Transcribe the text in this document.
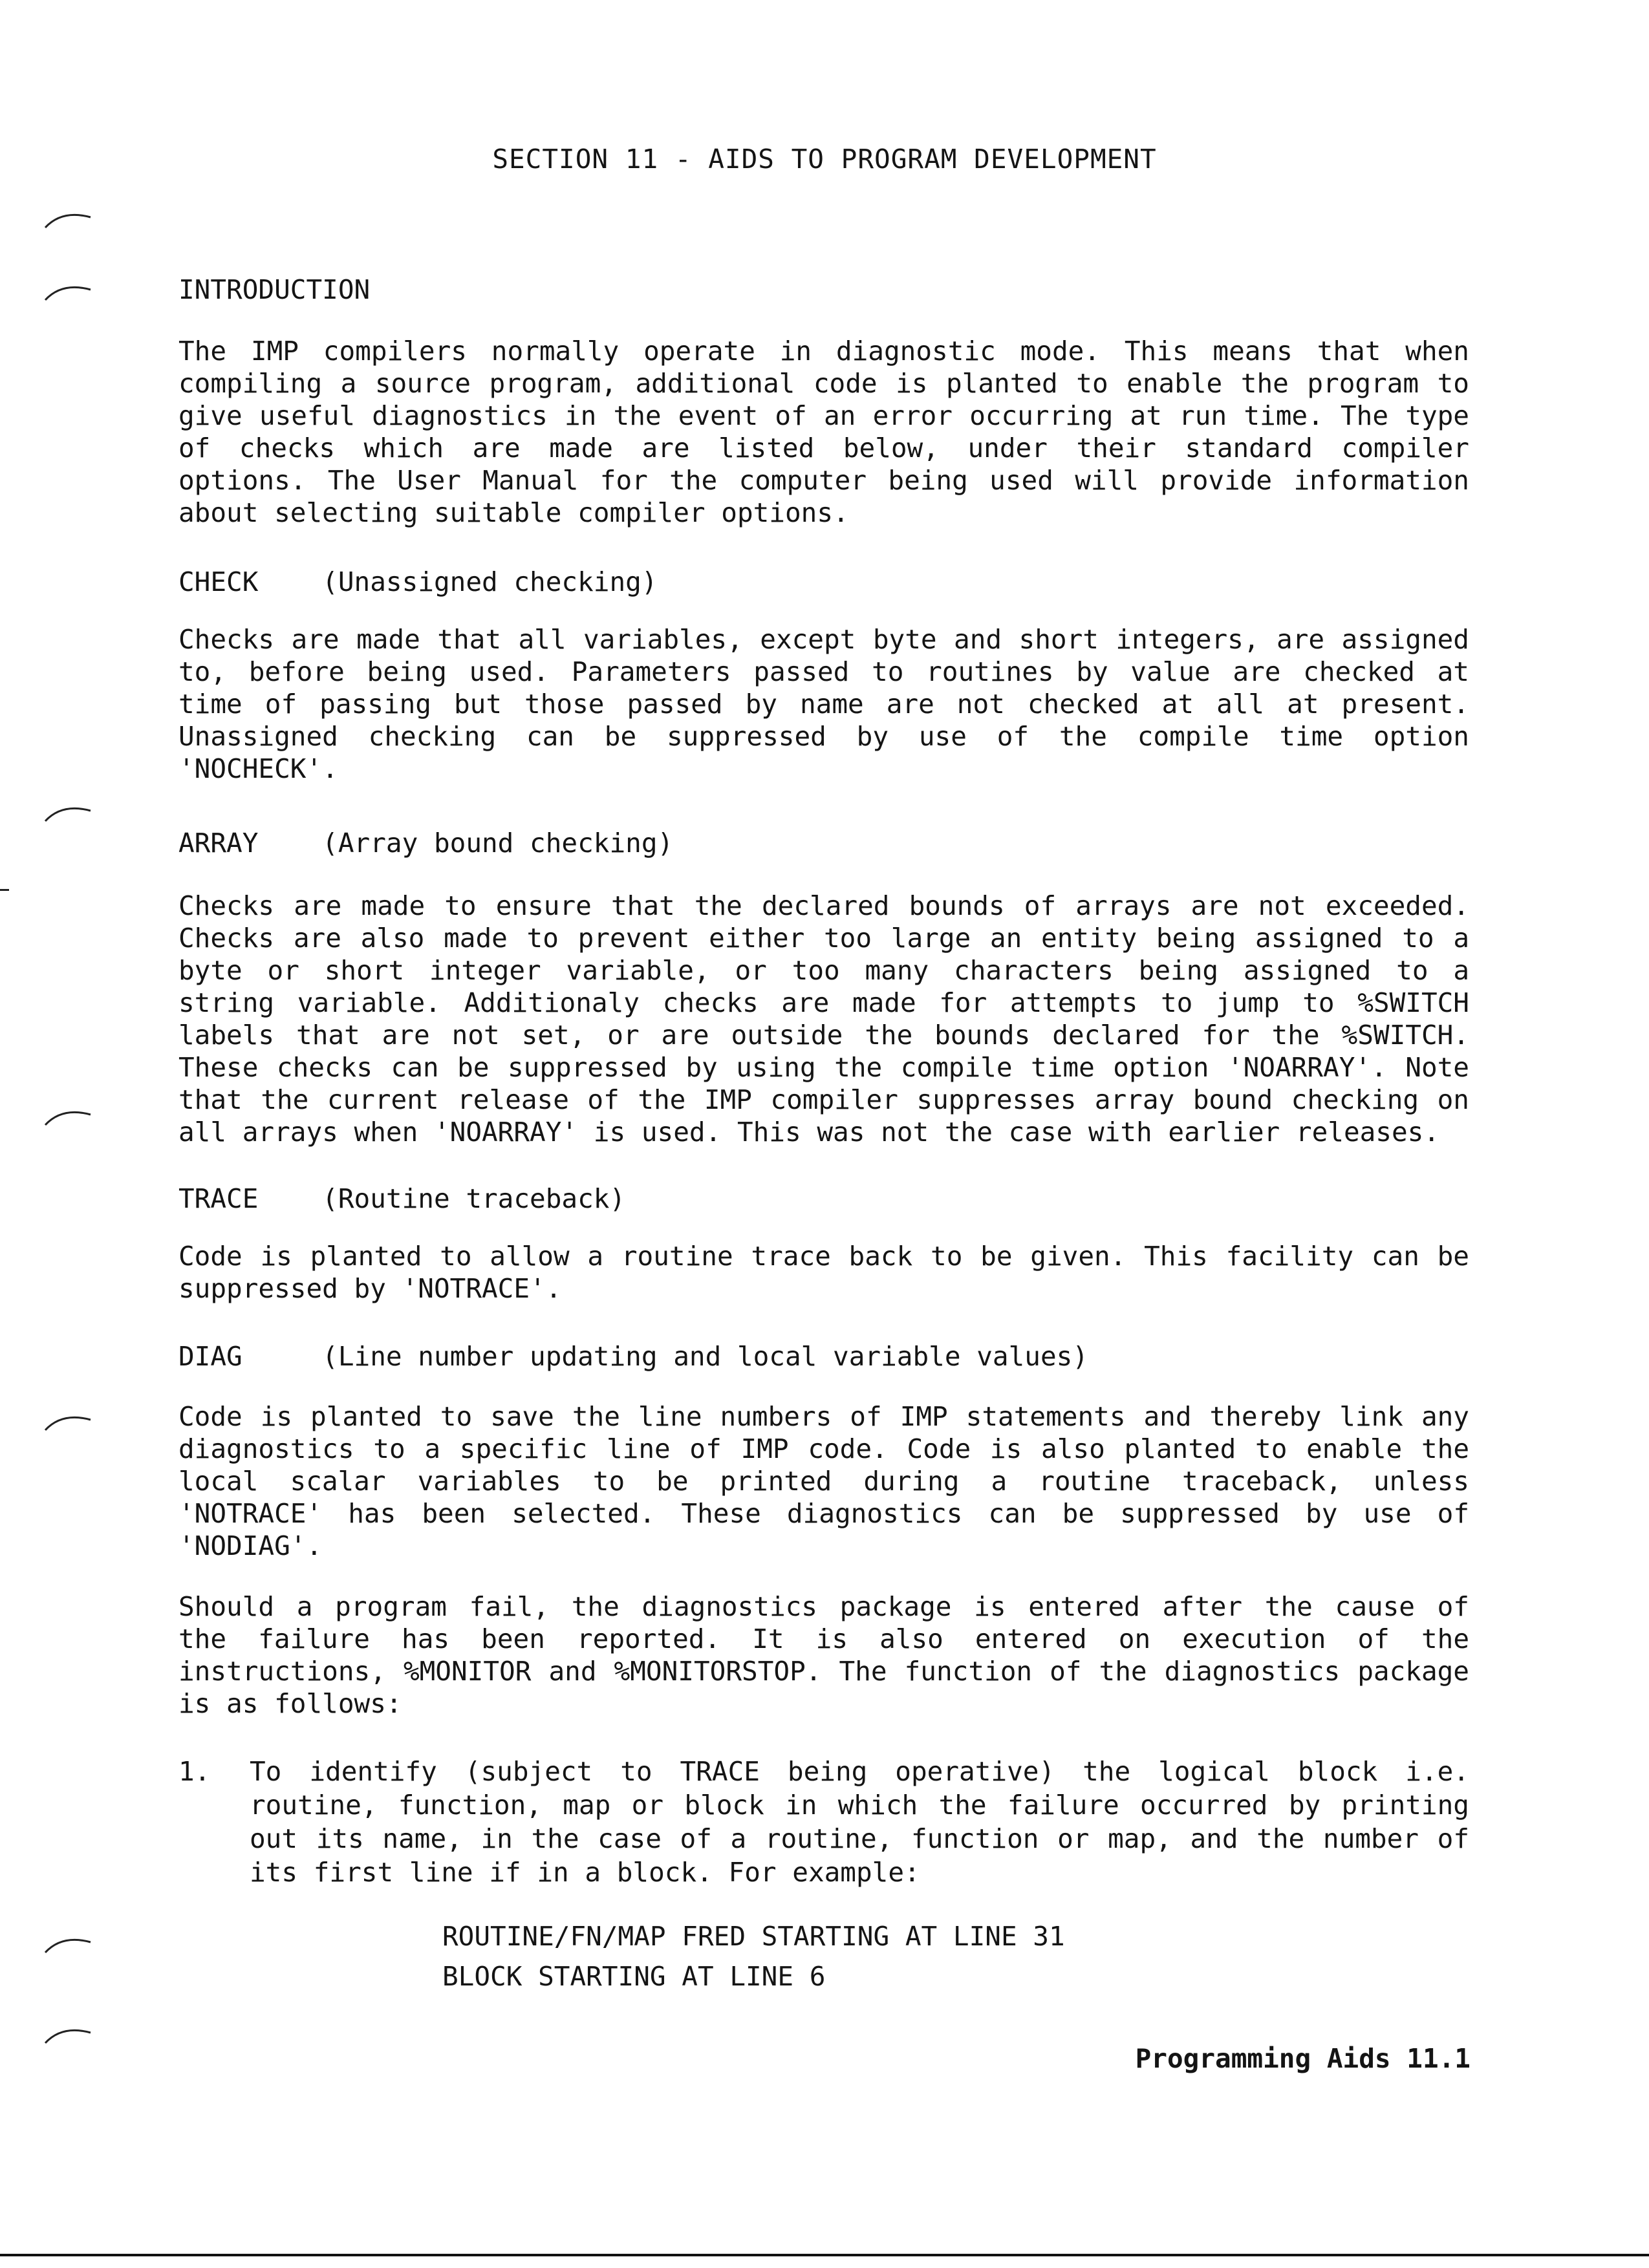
SECTION 11 - AIDS TO PROGRAM DEVELOPMENT
INTRODUCTION
The IMP compilers normally operate in diagnostic mode. This means that when
compiling a source program, additional code is planted to enable the program to
give useful diagnostics in the event of an error occurring at run time. The type
of checks which are made are listed below, under their standard compiler
options. The User Manual for the computer being used will provide information
about selecting suitable compiler options.
CHECK    (Unassigned checking)
Checks are made that all variables, except byte and short integers, are assigned
to, before being used. Parameters passed to routines by value are checked at
time of passing but those passed by name are not checked at all at present.
Unassigned checking can be suppressed by use of the compile time option
'NOCHECK'.
ARRAY    (Array bound checking)
Checks are made to ensure that the declared bounds of arrays are not exceeded.
Checks are also made to prevent either too large an entity being assigned to a
byte or short integer variable, or too many characters being assigned to a
string variable. Additionaly checks are made for attempts to jump to %SWITCH
labels that are not set, or are outside the bounds declared for the %SWITCH.
These checks can be suppressed by using the compile time option 'NOARRAY'. Note
that the current release of the IMP compiler suppresses array bound checking on
all arrays when 'NOARRAY' is used. This was not the case with earlier releases.
TRACE    (Routine traceback)
Code is planted to allow a routine trace back to be given. This facility can be
suppressed by 'NOTRACE'.
DIAG     (Line number updating and local variable values)
Code is planted to save the line numbers of IMP statements and thereby link any
diagnostics to a specific line of IMP code. Code is also planted to enable the
local scalar variables to be printed during a routine traceback, unless
'NOTRACE' has been selected. These diagnostics can be suppressed by use of
'NODIAG'.
Should a program fail, the diagnostics package is entered after the cause of
the failure has been reported. It is also entered on execution of the
instructions, %MONITOR and %MONITORSTOP. The function of the diagnostics package
is as follows:
1. To identify (subject to TRACE being operative) the logical block i.e.
routine, function, map or block in which the failure occurred by printing
out its name, in the case of a routine, function or map, and the number of
its first line if in a block. For example:
ROUTINE/FN/MAP FRED STARTING AT LINE 31
BLOCK STARTING AT LINE 6
Programming Aids 11.1
